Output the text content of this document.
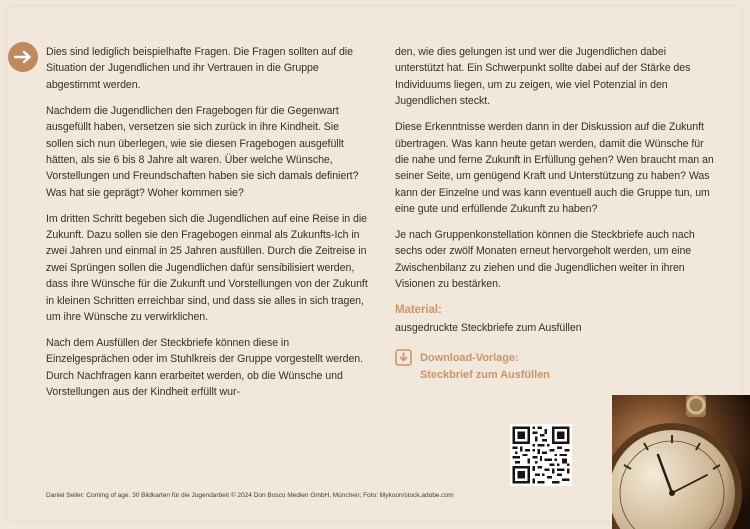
Dies sind lediglich beispielhafte Fragen. Die Fragen sollten auf die Situation der Jugendlichen und ihr Vertrauen in die Gruppe abgestimmt werden.

Nachdem die Jugendlichen den Fragebogen für die Gegenwart ausgefüllt haben, versetzen sie sich zurück in ihre Kindheit. Sie sollen sich nun überlegen, wie sie diesen Fragebogen ausgefüllt hätten, als sie 6 bis 8 Jahre alt waren. Über welche Wünsche, Vorstellungen und Freundschaften haben sie sich damals definiert? Was hat sie geprägt? Woher kommen sie?

Im dritten Schritt begeben sich die Jugendlichen auf eine Reise in die Zukunft. Dazu sollen sie den Fragebogen einmal als Zukunfts-Ich in zwei Jahren und einmal in 25 Jahren ausfüllen. Durch die Zeitreise in zwei Sprüngen sollen die Jugendlichen dafür sensibilisiert werden, dass ihre Wünsche für die Zukunft und Vorstellungen von der Zukunft in kleinen Schritten erreichbar sind, und dass sie alles in sich tragen, um ihre Wünsche zu verwirklichen.

Nach dem Ausfüllen der Steckbriefe können diese in Einzelgesprächen oder im Stuhlkreis der Gruppe vorgestellt werden. Durch Nachfragen kann erarbeitet werden, ob die Wünsche und Vorstellungen aus der Kindheit erfüllt wur-

den, wie dies gelungen ist und wer die Jugendlichen dabei unterstützt hat. Ein Schwerpunkt sollte dabei auf der Stärke des Individuums liegen, um zu zeigen, wie viel Potenzial in den Jugendlichen steckt.

Diese Erkenntnisse werden dann in der Diskussion auf die Zukunft übertragen. Was kann heute getan werden, damit die Wünsche für die nahe und ferne Zukunft in Erfüllung gehen? Wen braucht man an seiner Seite, um genügend Kraft und Unterstützung zu haben? Was kann der Einzelne und was kann eventuell auch die Gruppe tun, um eine gute und erfüllende Zukunft zu haben?

Je nach Gruppenkonstellation können die Steckbriefe auch nach sechs oder zwölf Monaten erneut hervorgeholt werden, um eine Zwischenbilanz zu ziehen und die Jugendlichen weiter in ihren Visionen zu bestärken.

Material:
ausgedruckte Steckbriefe zum Ausfüllen
Download-Vorlage: Steckbrief zum Ausfüllen
Daniel Seiler: Coming of age. 30 Bildkarten für die Jugendarbeit © 2024 Don Bosco Medien GmbH, München; Foto: lillykoon/stock.adobe.com
